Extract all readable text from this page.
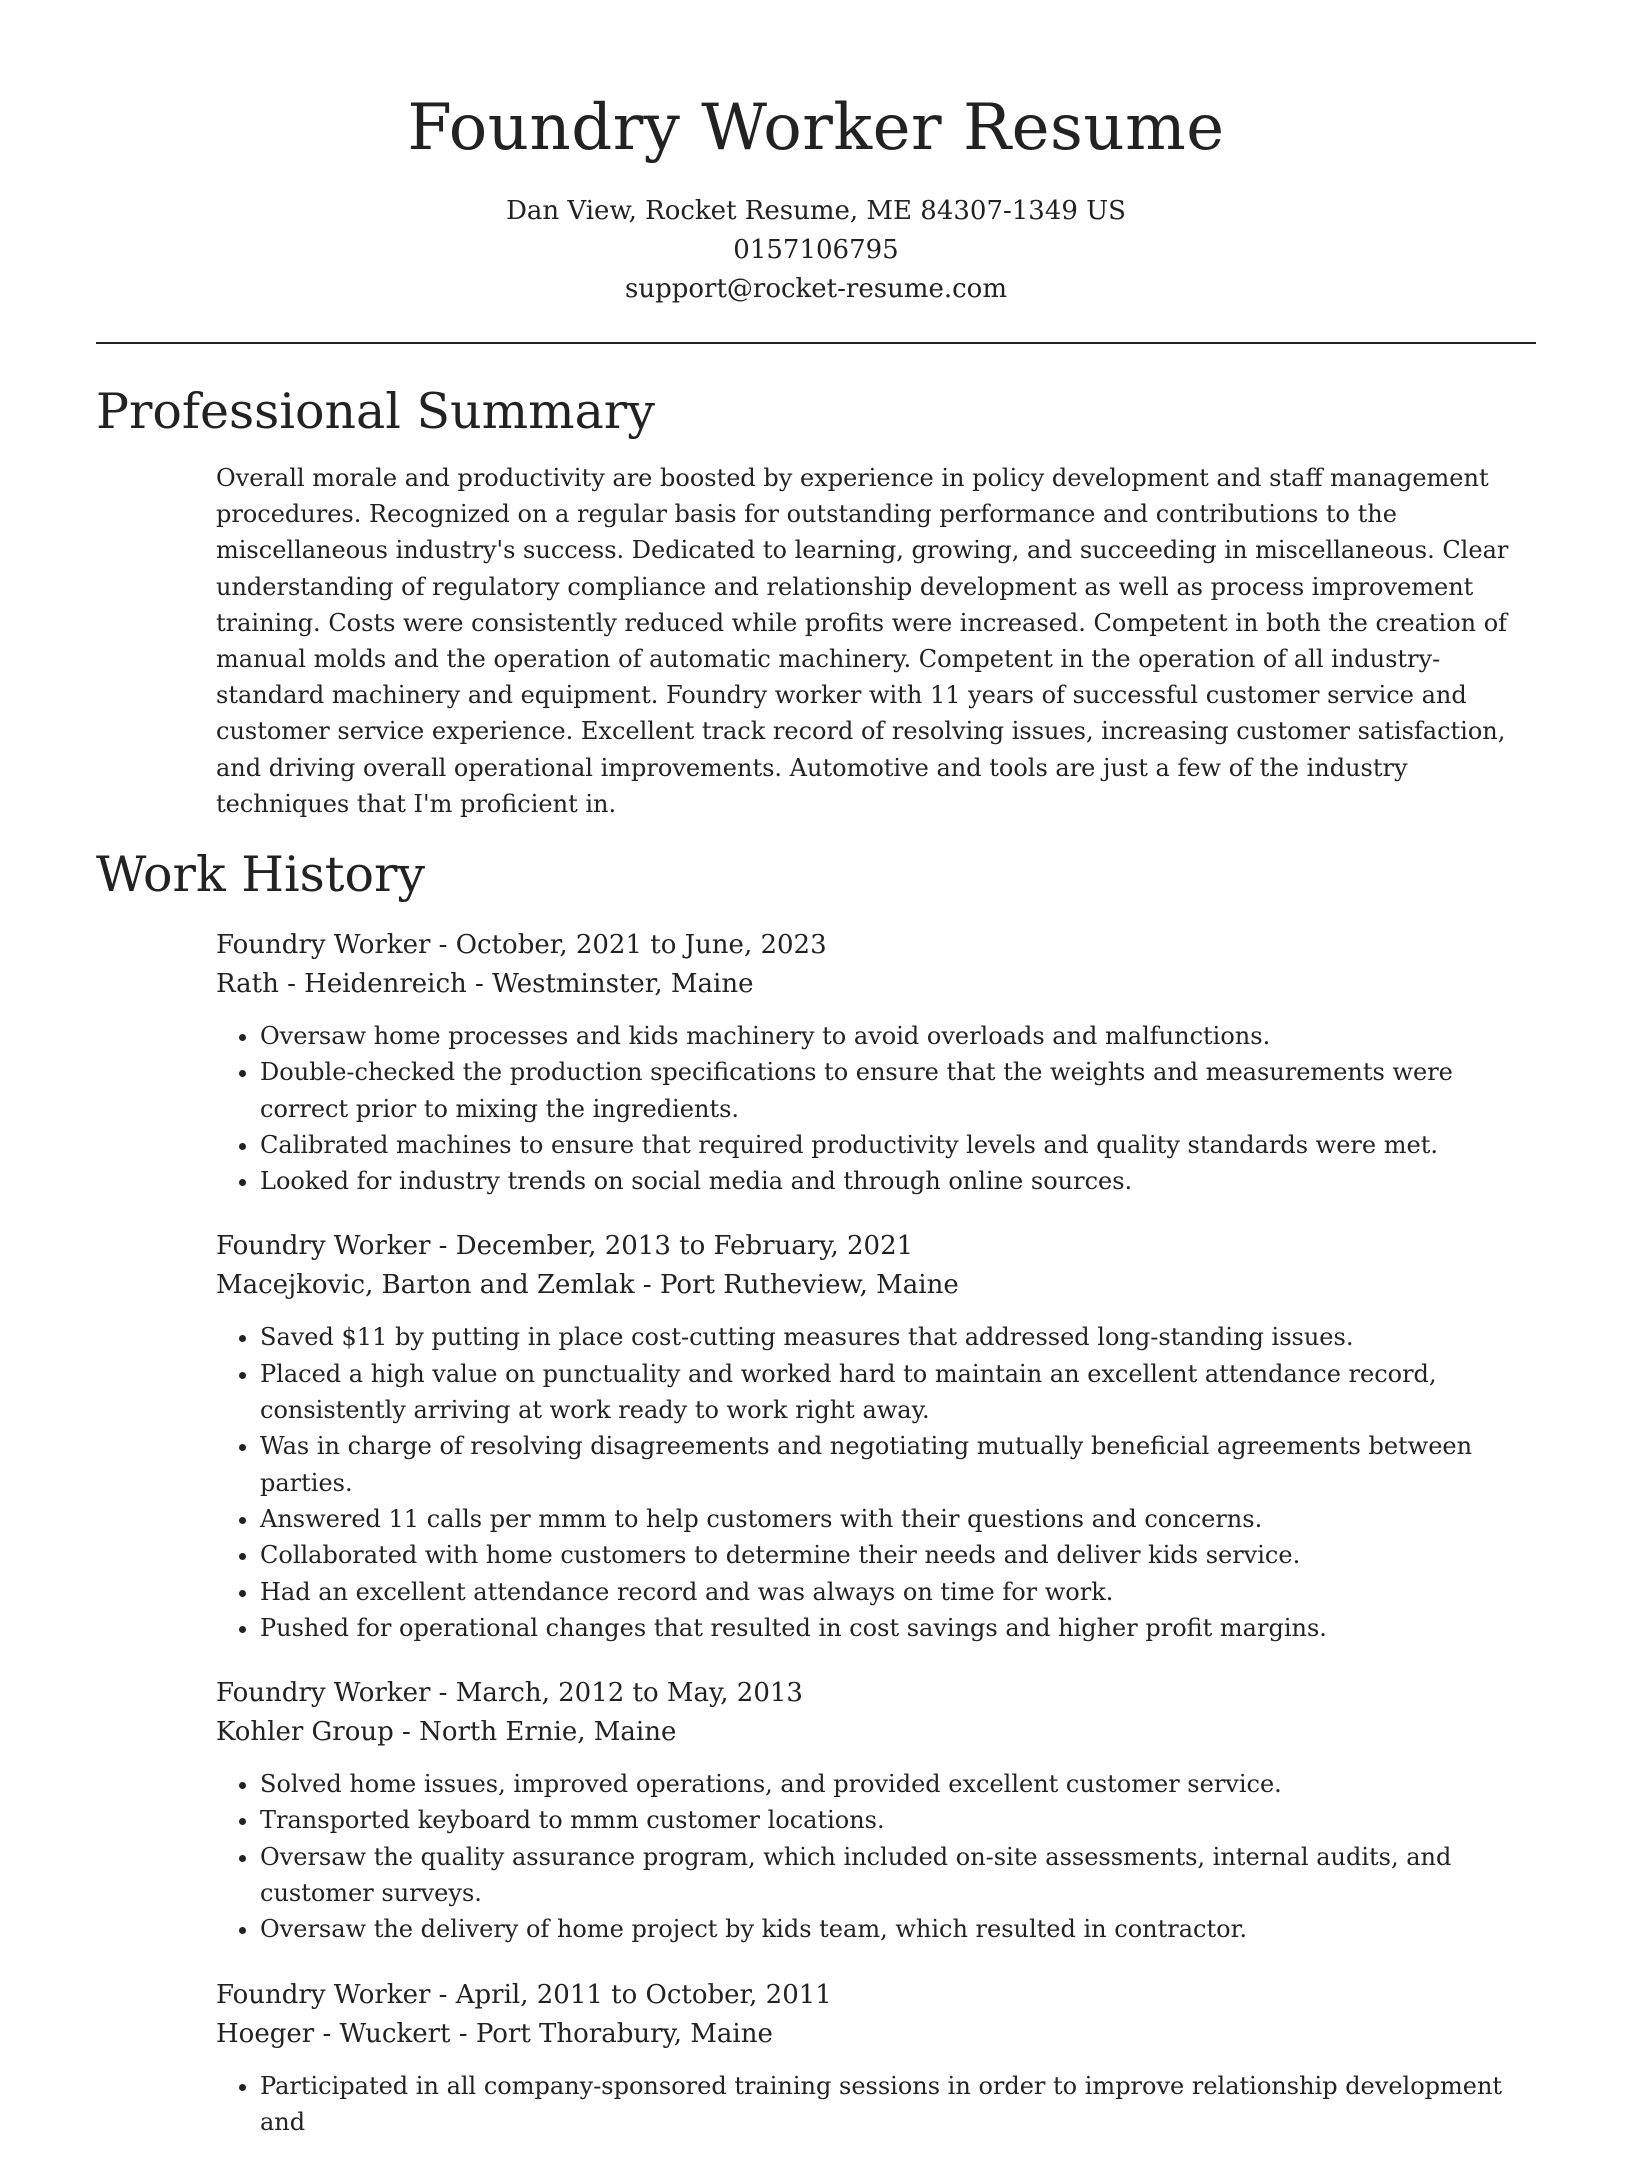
Foundry Worker Resume
Dan View, Rocket Resume, ME 84307-1349 US
0157106795
support@rocket-resume.com
Professional Summary

Overall morale and productivity are boosted by experience in policy development and staff management procedures. Recognized on a regular basis for outstanding performance and contributions to the miscellaneous industry's success. Dedicated to learning, growing, and succeeding in miscellaneous. Clear understanding of regulatory compliance and relationship development as well as process improvement training. Costs were consistently reduced while profits were increased. Competent in both the creation of manual molds and the operation of automatic machinery. Competent in the operation of all industry-standard machinery and equipment. Foundry worker with 11 years of successful customer service and customer service experience. Excellent track record of resolving issues, increasing customer satisfaction, and driving overall operational improvements. Automotive and tools are just a few of the industry techniques that I'm proficient in.

Work History

Foundry Worker - October, 2021 to June, 2023

Rath - Heidenreich - Westminster, Maine

• Oversaw home processes and kids machinery to avoid overloads and malfunctions.
• Double-checked the production specifications to ensure that the weights and measurements were correct prior to mixing the ingredients.
• Calibrated machines to ensure that required productivity levels and quality standards were met.
• Looked for industry trends on social media and through online sources.

Foundry Worker - December, 2013 to February, 2021

Macejkovic, Barton and Zemlak - Port Rutheview, Maine

• Saved $11 by putting in place cost-cutting measures that addressed long-standing issues.
• Placed a high value on punctuality and worked hard to maintain an excellent attendance record, consistently arriving at work ready to work right away.
• Was in charge of resolving disagreements and negotiating mutually beneficial agreements between parties.
• Answered 11 calls per mmm to help customers with their questions and concerns.
• Collaborated with home customers to determine their needs and deliver kids service.
• Had an excellent attendance record and was always on time for work.
• Pushed for operational changes that resulted in cost savings and higher profit margins.

Foundry Worker - March, 2012 to May, 2013

Kohler Group - North Ernie, Maine

• Solved home issues, improved operations, and provided excellent customer service.
• Transported keyboard to mmm customer locations.
• Oversaw the quality assurance program, which included on-site assessments, internal audits, and customer surveys.
• Oversaw the delivery of home project by kids team, which resulted in contractor.

Foundry Worker - April, 2011 to October, 2011

Hoeger - Wuckert - Port Thorabury, Maine

• Participated in all company-sponsored training sessions in order to improve relationship development and
